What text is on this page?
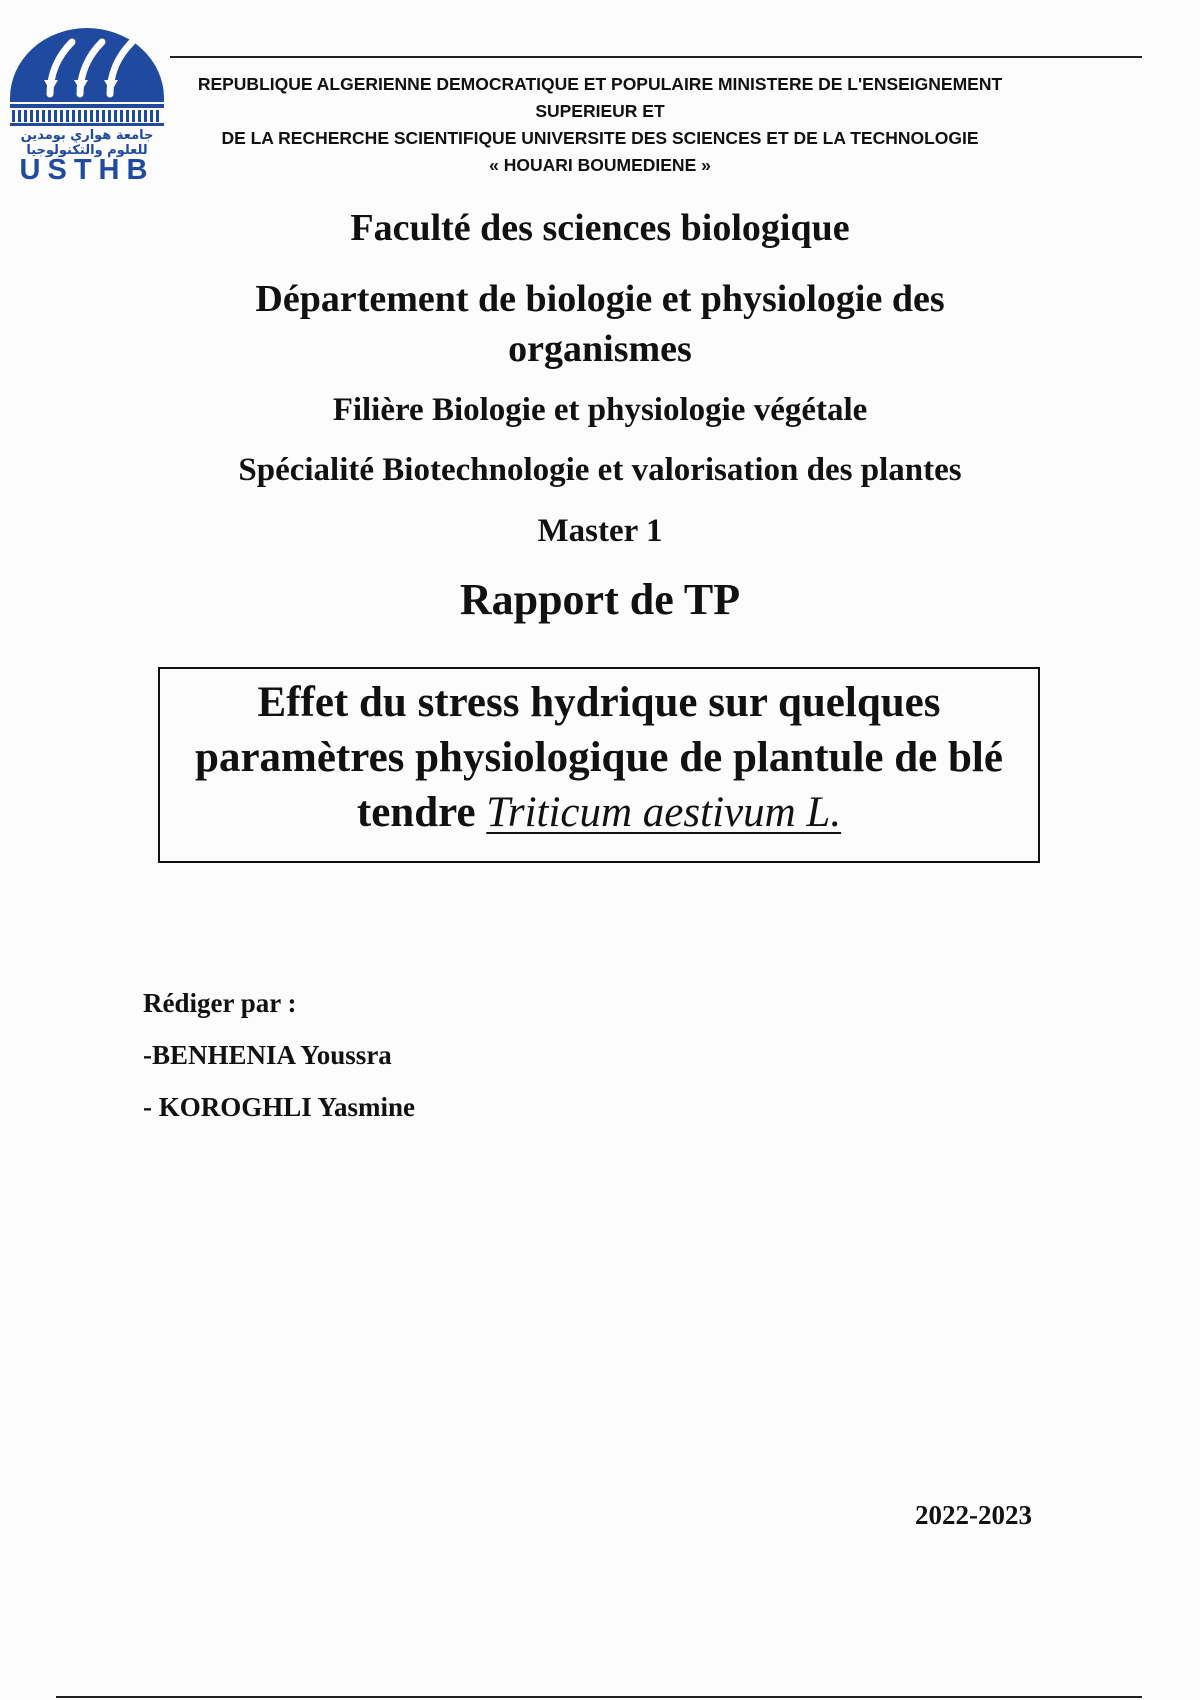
جامعة هواري بومدين
للعلوم والتكنولوجيا
USTHB
REPUBLIQUE ALGERIENNE DEMOCRATIQUE ET POPULAIRE MINISTERE DE L'ENSEIGNEMENT
SUPERIEUR ET
DE LA RECHERCHE SCIENTIFIQUE UNIVERSITE DES SCIENCES ET DE LA TECHNOLOGIE
« HOUARI BOUMEDIENE »
Faculté des sciences biologique
Département de biologie et physiologie des
organismes
Filière Biologie et physiologie végétale
Spécialité Biotechnologie et valorisation des plantes
Master 1
Rapport de TP
Effet du stress hydrique sur quelques
paramètres physiologique de plantule de blé
tendre Triticum aestivum L.
Rédiger par :
-BENHENIA Youssra
- KOROGHLI Yasmine
2022-2023
